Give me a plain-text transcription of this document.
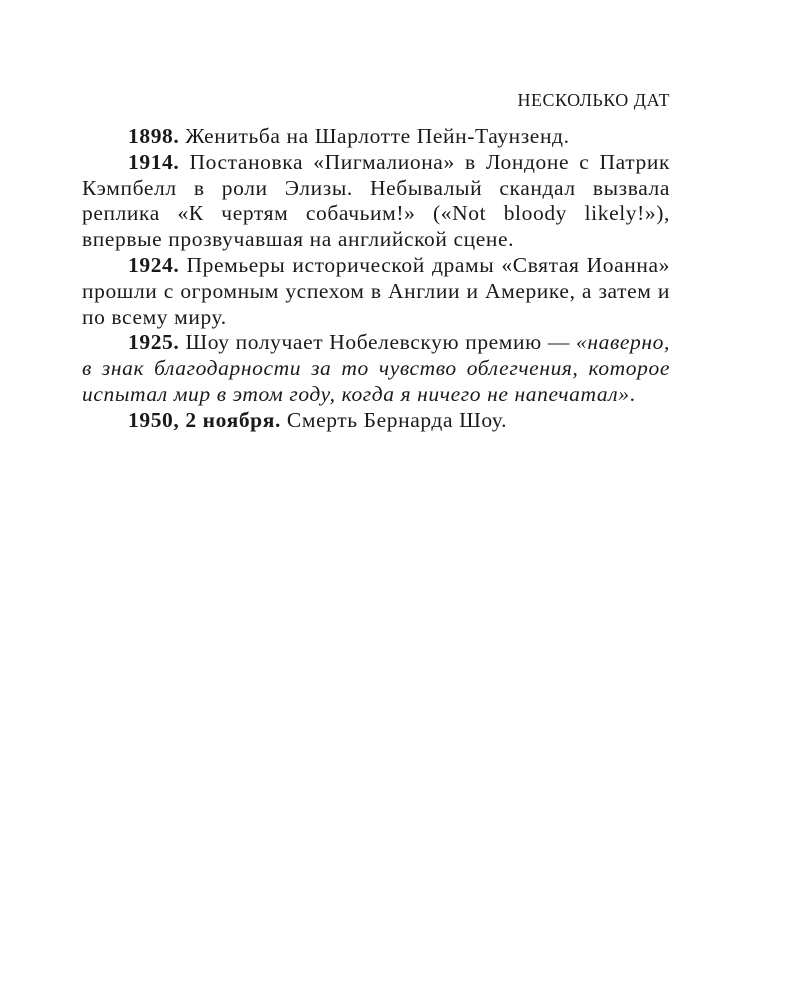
НЕСКОЛЬКО ДАТ

1898. Женитьба на Шарлотте Пейн-Таунзенд.

1914. Постановка «Пигмалиона» в Лондоне с Патрик Кэмпбелл в роли Элизы. Небывалый скандал вызвала реплика «К чертям собачьим!» («Not bloody likely!»), впервые прозвучавшая на английской сцене.

1924. Премьеры исторической драмы «Святая Иоанна» прошли с огромным успехом в Англии и Америке, а затем и по всему миру.

1925. Шоу получает Нобелевскую премию — «наверно, в знак благодарности за то чувство облегчения, которое испытал мир в этом году, когда я ничего не напечатал».

1950, 2 ноября. Смерть Бернарда Шоу.
